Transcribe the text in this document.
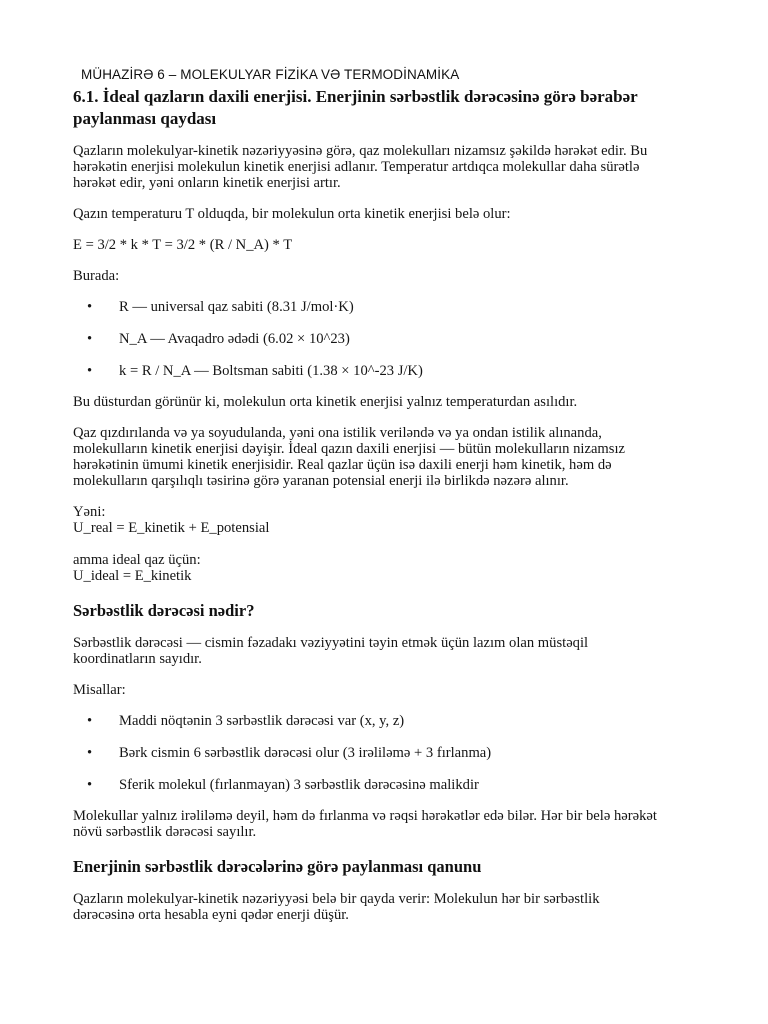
MÜHAZİRƏ 6 – MOLEKULYAR FİZİKA VƏ TERMODİNAMİKA
6.1. İdeal qazların daxili enerjisi. Enerjinin sərbəstlik dərəcəsinə görə bərabər
paylanması qaydası

Qazların molekulyar-kinetik nəzəriyyəsinə görə, qaz molekulları nizamsız şəkildə hərəkət edir. Bu
hərəkətin enerjisi molekulun kinetik enerjisi adlanır. Temperatur artdıqca molekullar daha sürətlə
hərəkət edir, yəni onların kinetik enerjisi artır.

Qazın temperaturu T olduqda, bir molekulun orta kinetik enerjisi belə olur:

E = 3/2 * k * T = 3/2 * (R / N_A) * T

Burada:

• R — universal qaz sabiti (8.31 J/mol·K)
• N_A — Avaqadro ədədi (6.02 × 10^23)
• k = R / N_A — Boltsman sabiti (1.38 × 10^-23 J/K)

Bu düsturdan görünür ki, molekulun orta kinetik enerjisi yalnız temperaturdan asılıdır.

Qaz qızdırılanda və ya soyudulanda, yəni ona istilik veriləndə və ya ondan istilik alınanda,
molekulların kinetik enerjisi dəyişir. İdeal qazın daxili enerjisi — bütün molekulların nizamsız
hərəkətinin ümumi kinetik enerjisidir. Real qazlar üçün isə daxili enerji həm kinetik, həm də
molekulların qarşılıqlı təsirinə görə yaranan potensial enerji ilə birlikdə nəzərə alınır.

Yəni:
U_real = E_kinetik + E_potensial

amma ideal qaz üçün:
U_ideal = E_kinetik

Sərbəstlik dərəcəsi nədir?

Sərbəstlik dərəcəsi — cismin fəzadakı vəziyyətini təyin etmək üçün lazım olan müstəqil
koordinatların sayıdır.

Misallar:

• Maddi nöqtənin 3 sərbəstlik dərəcəsi var (x, y, z)
• Bərk cismin 6 sərbəstlik dərəcəsi olur (3 irəliləmə + 3 fırlanma)
• Sferik molekul (fırlanmayan) 3 sərbəstlik dərəcəsinə malikdir

Molekullar yalnız irəliləmə deyil, həm də fırlanma və rəqsi hərəkətlər edə bilər. Hər bir belə hərəkət
növü sərbəstlik dərəcəsi sayılır.

Enerjinin sərbəstlik dərəcələrinə görə paylanması qanunu

Qazların molekulyar-kinetik nəzəriyyəsi belə bir qayda verir: Molekulun hər bir sərbəstlik
dərəcəsinə orta hesabla eyni qədər enerji düşür.
